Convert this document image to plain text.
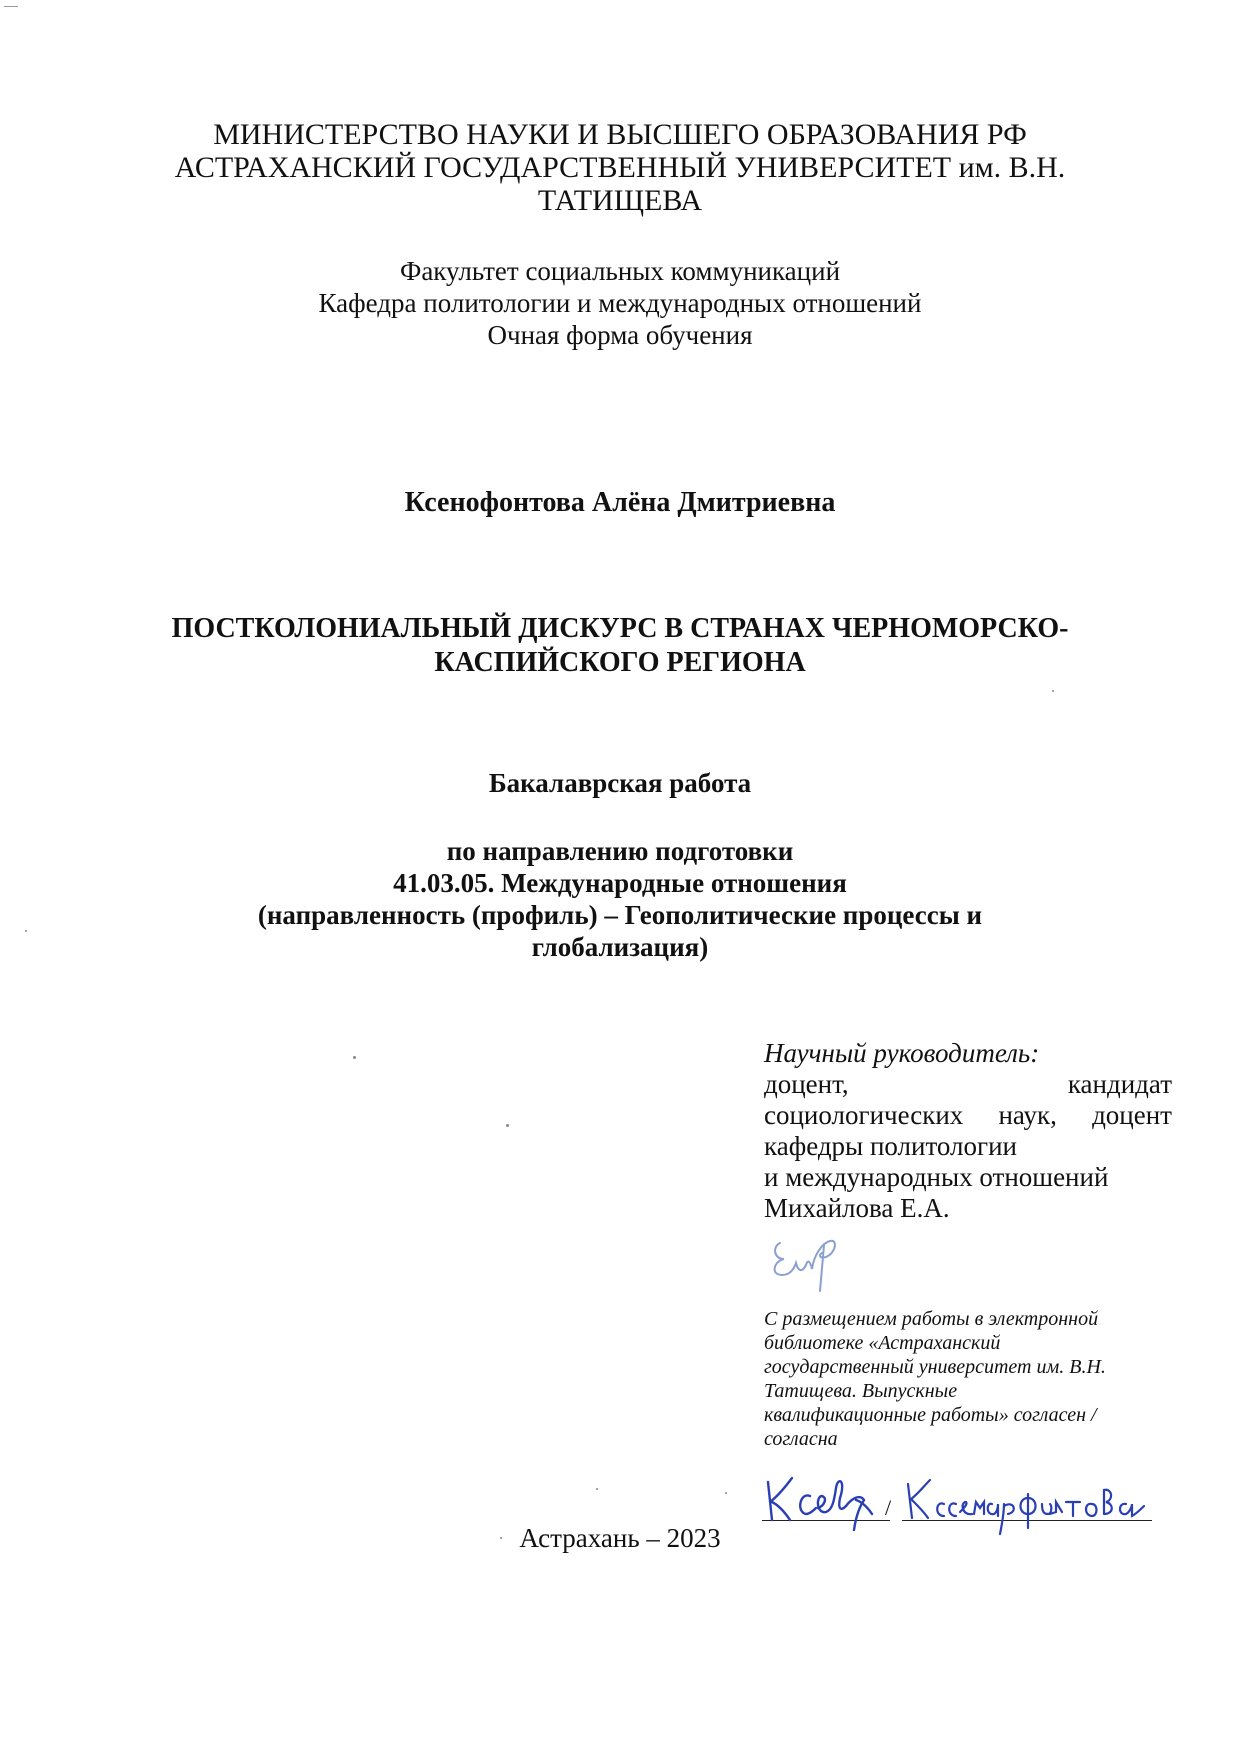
МИНИСТЕРСТВО НАУКИ И ВЫСШЕГО ОБРАЗОВАНИЯ РФ
АСТРАХАНСКИЙ ГОСУДАРСТВЕННЫЙ УНИВЕРСИТЕТ им. В.Н.
ТАТИЩЕВА
Факультет социальных коммуникаций
Кафедра политологии и международных отношений
Очная форма обучения
Ксенофонтова Алёна Дмитриевна
ПОСТКОЛОНИАЛЬНЫЙ ДИСКУРС В СТРАНАХ ЧЕРНОМОРСКО-
КАСПИЙСКОГО РЕГИОНА
Бакалаврская работа
по направлению подготовки
41.03.05. Международные отношения
(направленность (профиль) – Геополитические процессы и
глобализация)
Научный руководитель:
доцент,	кандидат
социологических наук, доцент
кафедры политологии
и международных отношений
Михайлова Е.А.
С размещением работы в электронной
библиотеке «Астраханский
государственный университет им. В.Н.
Татищева. Выпускные
квалификационные работы» согласен /
согласна
/
Астрахань – 2023
